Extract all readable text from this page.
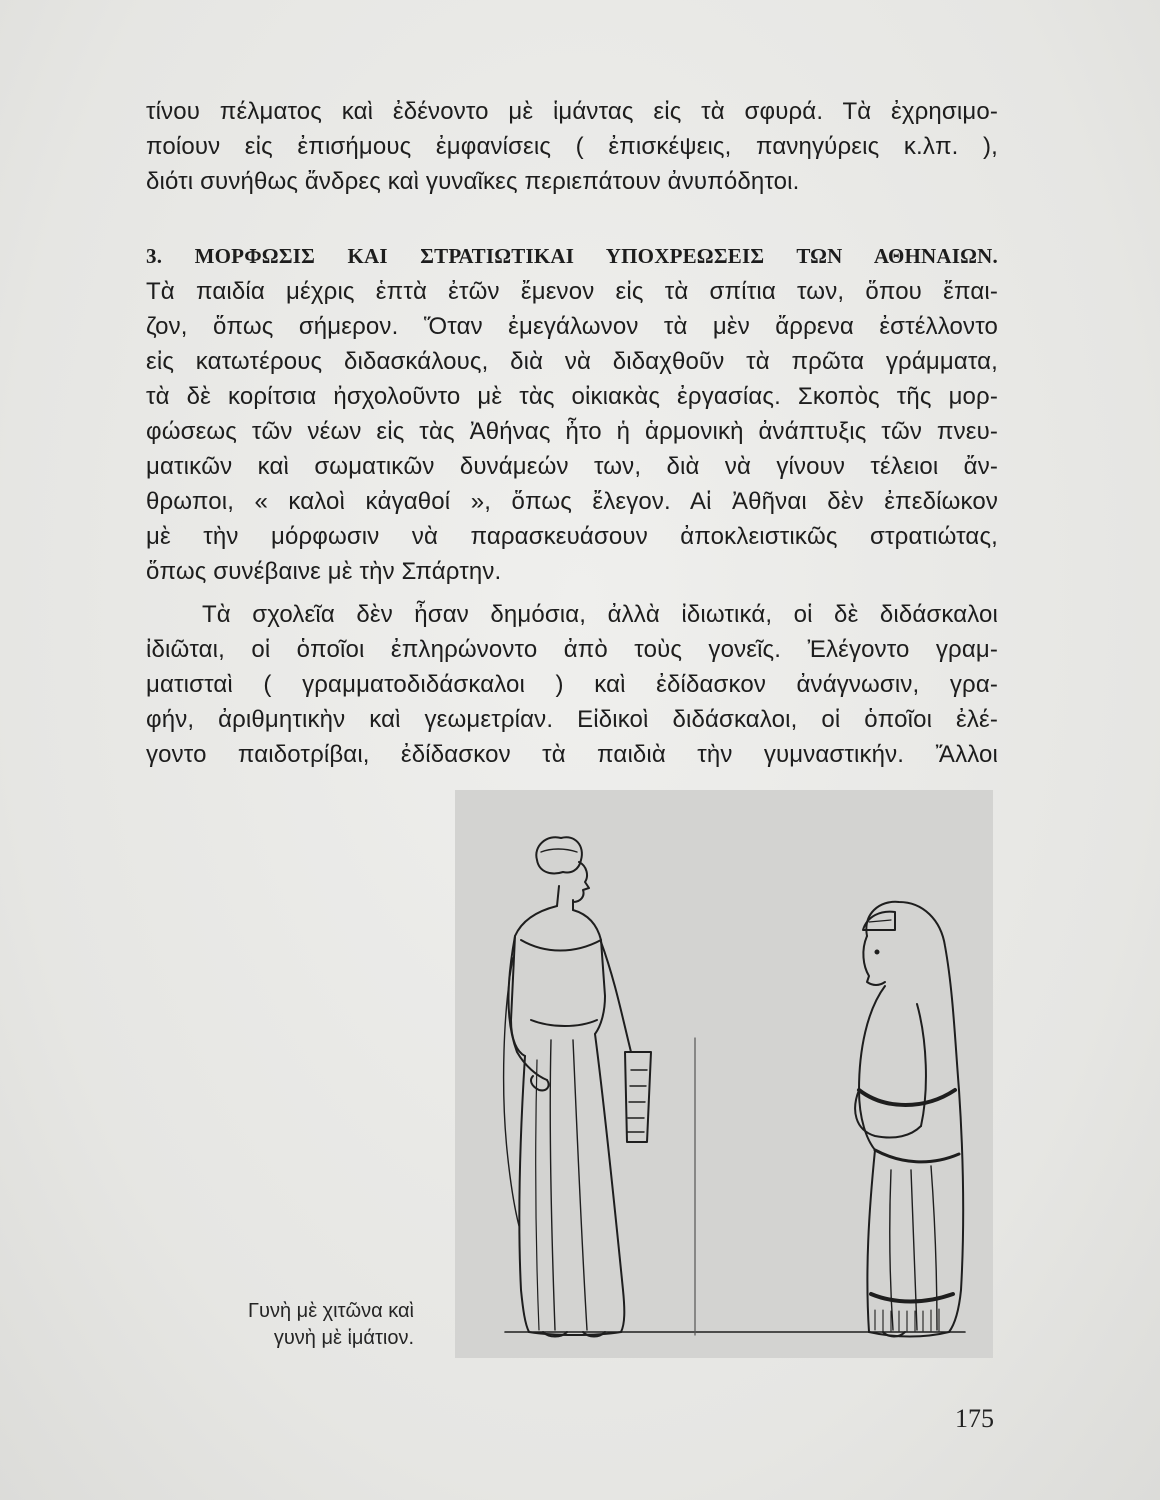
τίνου πέλματος καὶ ἐδένοντο μὲ ἱμάντας εἰς τὰ σφυρά. Τὰ ἐχρησιμο-
ποίουν εἰς ἐπισήμους ἐμφανίσεις ( ἐπισκέψεις, πανηγύρεις κ.λπ. ),
διότι συνήθως ἄνδρες καὶ γυναῖκες περιεπάτουν ἀνυπόδητοι.
3. ΜΟΡΦΩΣΙΣ ΚΑΙ ΣΤΡΑΤΙΩΤΙΚΑΙ ΥΠΟΧΡΕΩΣΕΙΣ ΤΩΝ ΑΘΗΝΑΙΩΝ.
Τὰ παιδία μέχρις ἑπτὰ ἐτῶν ἔμενον εἰς τὰ σπίτια των, ὅπου ἔπαι-
ζον, ὅπως σήμερον. Ὅταν ἐμεγάλωνον τὰ μὲν ἄρρενα ἐστέλλοντο
εἰς κατωτέρους διδασκάλους, διὰ νὰ διδαχθοῦν τὰ πρῶτα γράμματα,
τὰ δὲ κορίτσια ἠσχολοῦντο μὲ τὰς οἰκιακὰς ἐργασίας. Σκοπὸς τῆς μορ-
φώσεως τῶν νέων εἰς τὰς Ἀθήνας ἦτο ἡ ἁρμονικὴ ἀνάπτυξις τῶν πνευ-
ματικῶν καὶ σωματικῶν δυνάμεών των, διὰ νὰ γίνουν τέλειοι ἄν-
θρωποι, « καλοὶ κἀγαθοί », ὅπως ἔλεγον. Αἱ Ἀθῆναι δὲν ἐπεδίωκον
μὲ τὴν μόρφωσιν νὰ παρασκευάσουν ἀποκλειστικῶς στρατιώτας,
ὅπως συνέβαινε μὲ τὴν Σπάρτην.
Τὰ σχολεῖα δὲν ἦσαν δημόσια, ἀλλὰ ἰδιωτικά, οἱ δὲ διδάσκαλοι
ἰδιῶται, οἱ ὁποῖοι ἐπληρώνοντο ἀπὸ τοὺς γονεῖς. Ἐλέγοντο γραμ-
ματισταὶ ( γραμματοδιδάσκαλοι ) καὶ ἐδίδασκον ἀνάγνωσιν, γρα-
φήν, ἀριθμητικὴν καὶ γεωμετρίαν. Εἰδικοὶ διδάσκαλοι, οἱ ὁποῖοι ἐλέ-
γοντο παιδοτρίβαι, ἐδίδασκον τὰ παιδιὰ τὴν γυμναστικήν. Ἄλλοι
Γυνὴ μὲ χιτῶνα καὶ
γυνὴ μὲ ἱμάτιον.
175
